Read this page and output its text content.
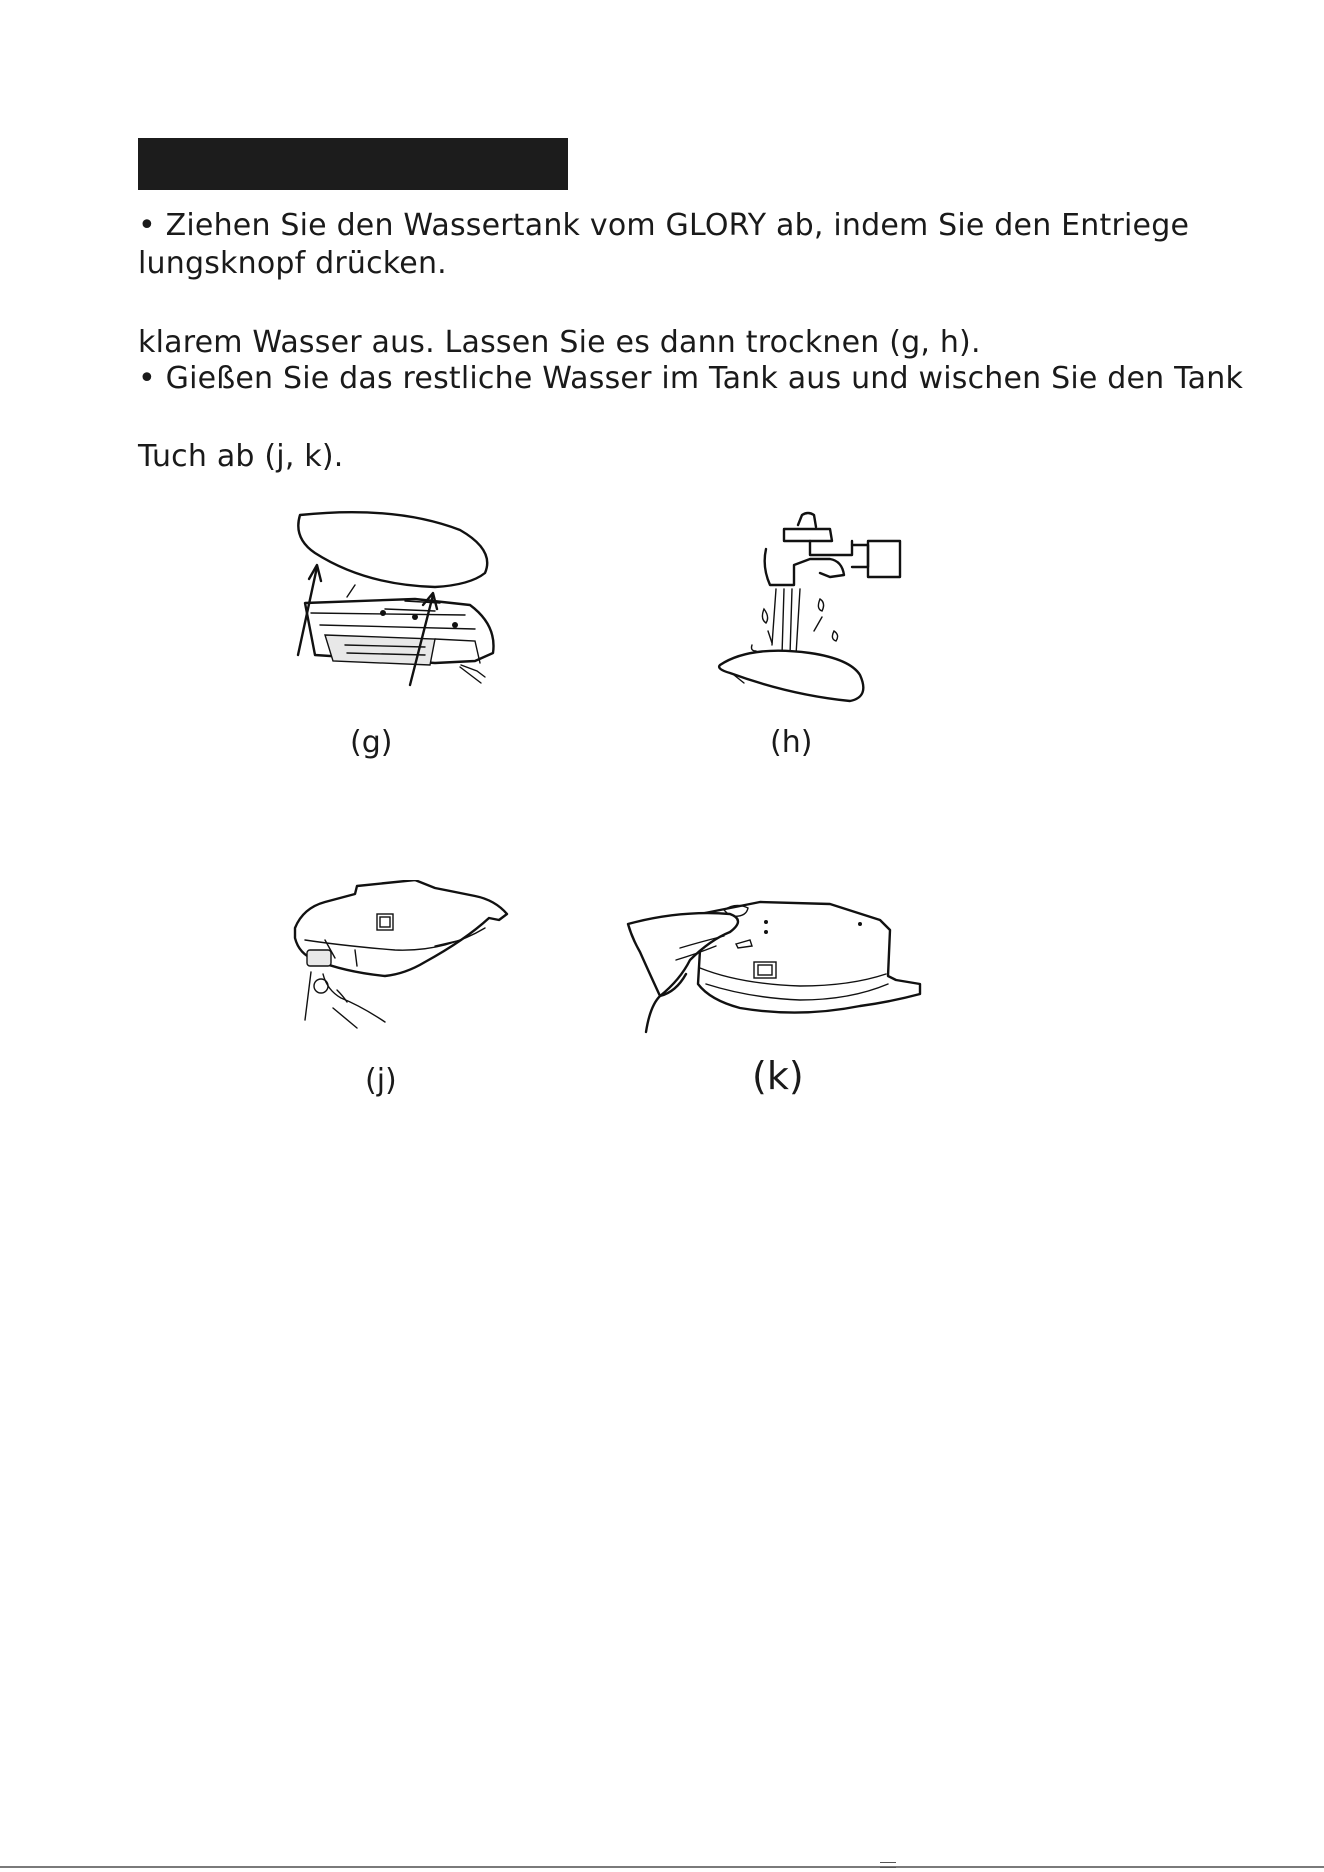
• Ziehen Sie den Wassertank vom GLORY ab, indem Sie den Entriege
lungsknopf drücken.
klarem Wasser aus. Lassen Sie es dann trocknen (g, h).
• Gießen Sie das restliche Wasser im Tank aus und wischen Sie den Tank
Tuch ab (j, k).
(g)	(h)
(j)	(k)
